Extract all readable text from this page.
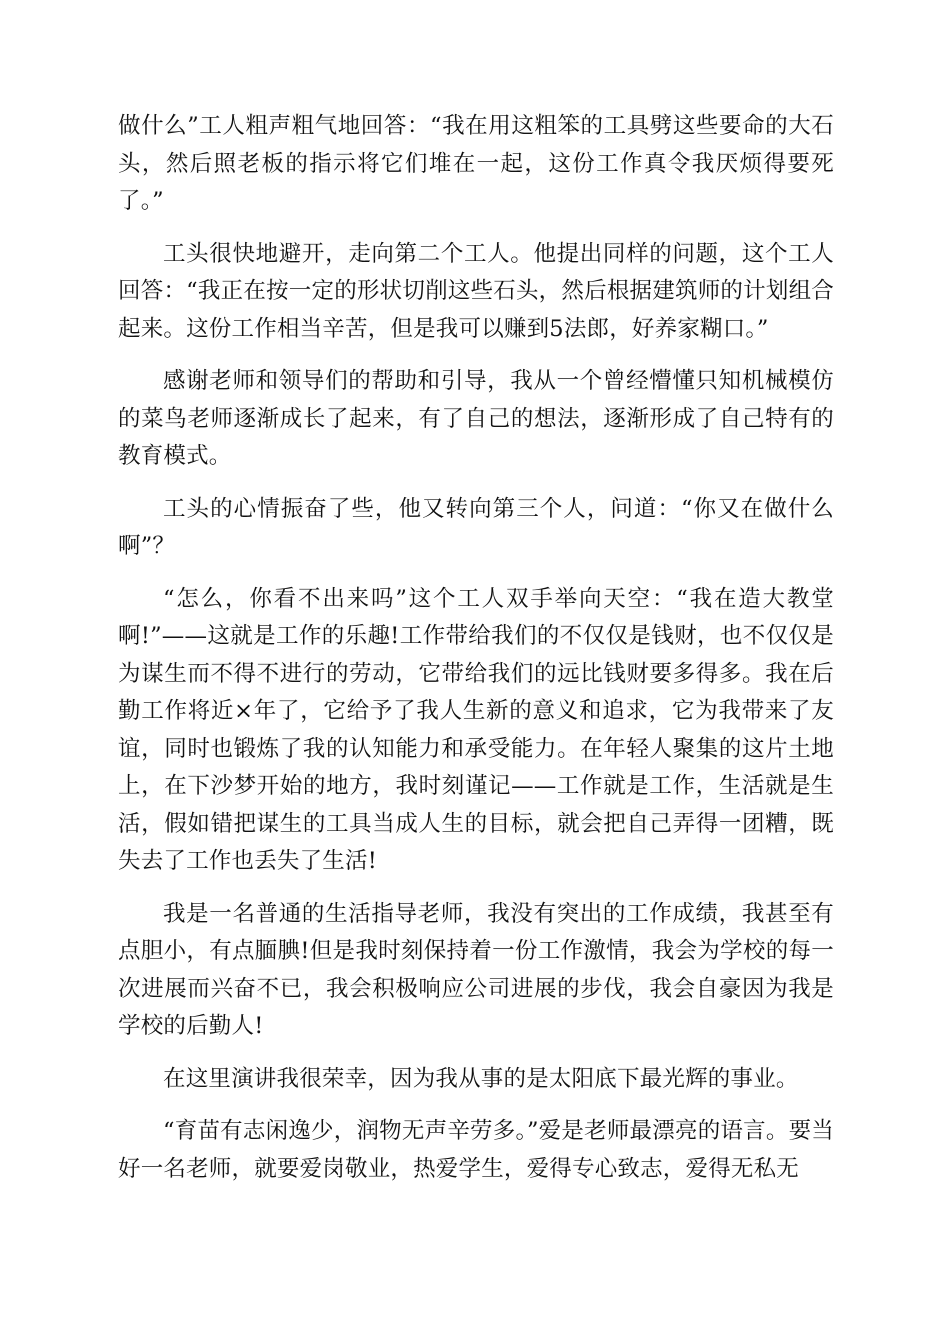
做什么”工人粗声粗气地回答：“我在用这粗笨的工具劈这些要命的大石头，然后照老板的指示将它们堆在一起，这份工作真令我厌烦得要死了。”

工头很快地避开，走向第二个工人。他提出同样的问题，这个工人回答：“我正在按一定的形状切削这些石头，然后根据建筑师的计划组合起来。这份工作相当辛苦，但是我可以赚到5法郎，好养家糊口。”

感谢老师和领导们的帮助和引导，我从一个曾经懵懂只知机械模仿的菜鸟老师逐渐成长了起来，有了自己的想法，逐渐形成了自己特有的教育模式。

工头的心情振奋了些，他又转向第三个人，问道：“你又在做什么啊”？

“怎么，你看不出来吗”这个工人双手举向天空：“我在造大教堂啊!”——这就是工作的乐趣!工作带给我们的不仅仅是钱财，也不仅仅是为谋生而不得不进行的劳动，它带给我们的远比钱财要多得多。我在后勤工作将近×年了，它给予了我人生新的意义和追求，它为我带来了友谊，同时也锻炼了我的认知能力和承受能力。在年轻人聚集的这片土地上，在下沙梦开始的地方，我时刻谨记——工作就是工作，生活就是生活，假如错把谋生的工具当成人生的目标，就会把自己弄得一团糟，既失去了工作也丢失了生活!

我是一名普通的生活指导老师，我没有突出的工作成绩，我甚至有点胆小，有点腼腆!但是我时刻保持着一份工作激情，我会为学校的每一次进展而兴奋不已，我会积极响应公司进展的步伐，我会自豪因为我是学校的后勤人!

在这里演讲我很荣幸，因为我从事的是太阳底下最光辉的事业。

“育苗有志闲逸少，润物无声辛劳多。”爱是老师最漂亮的语言。要当好一名老师，就要爱岗敬业，热爱学生，爱得专心致志，爱得无私无
